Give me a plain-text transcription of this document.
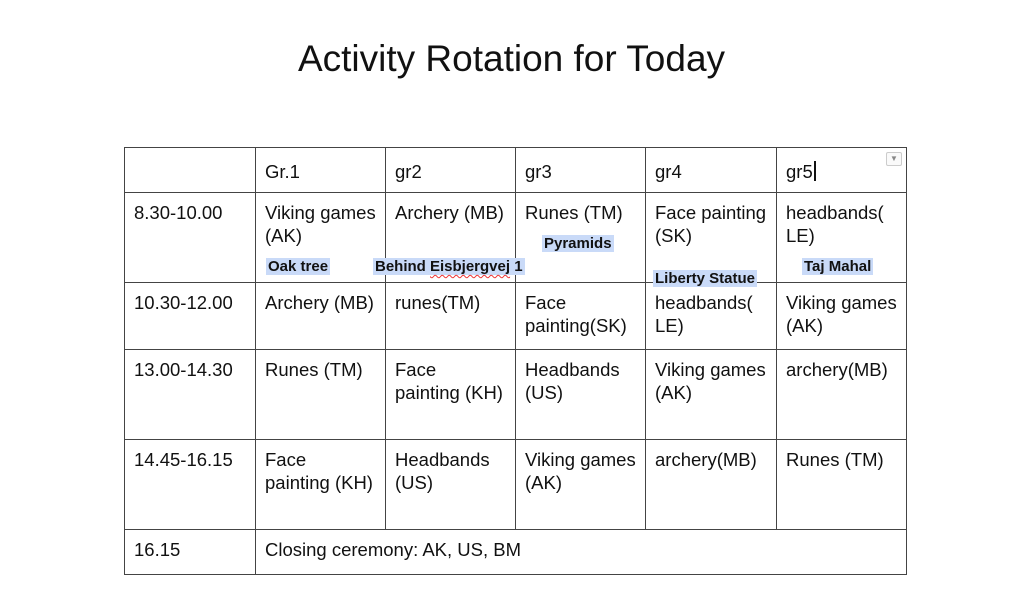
Activity Rotation for Today
	Gr.1	gr2	gr3	gr4	gr5
▼

8.30-10.00	Viking games (AK)	Archery (MB)	Runes (TM)	Face painting (SK)	headbands( LE)
10.30-12.00	Archery (MB)	runes(TM)	Face painting(SK)	headbands( LE)	Viking games (AK)
13.00-14.30	Runes (TM)	Face painting (KH)	Headbands (US)	Viking games (AK)	archery(MB)
14.45-16.15	Face painting (KH)	Headbands (US)	Viking games (AK)	archery(MB)	Runes (TM)
16.15	Closing ceremony: AK, US, BM				
Oak tree	Behind Eisbjergvej 1
Pyramids
Liberty Statue
Taj Mahal
